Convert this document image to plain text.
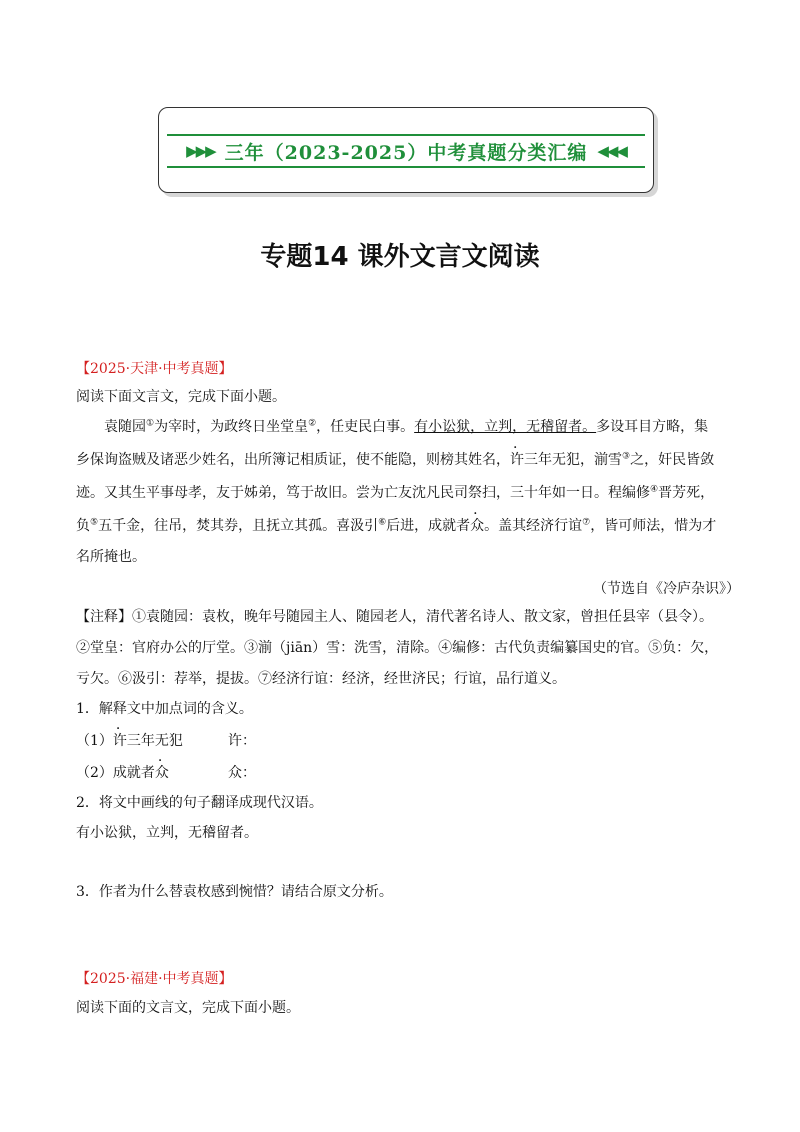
▶▶▶ 三年（2023-2025）中考真题分类汇编 ◀◀◀
专题14 课外文言文阅读
【2025·天津·中考真题】
阅读下面文言文，完成下面小题。
袁随园①为宰时，为政终日坐堂皇②，任吏民白事。有小讼狱，立判，无稽留者。多设耳目方略，集
乡保询盗贼及诸恶少姓名，出所簿记相质证，使不能隐，则榜其姓名，许三年无犯，湔雪③之，奸民皆敛
迹。又其生平事母孝，友于姊弟，笃于故旧。尝为亡友沈凡民司祭扫，三十年如一日。程编修④晋芳死，
负⑤五千金，往吊，焚其券，且抚立其孤。喜汲引⑥后进，成就者众。盖其经济行谊⑦，皆可师法，惜为才
名所掩也。
（节选自《冷庐杂识》）
【注释】①袁随园：袁枚，晚年号随园主人、随园老人，清代著名诗人、散文家，曾担任县宰（县令）。
②堂皇：官府办公的厅堂。③湔（jiān）雪：洗雪，清除。④编修：古代负责编纂国史的官。⑤负：欠，
亏欠。⑥汲引：荐举，提拔。⑦经济行谊：经济，经世济民；行谊，品行道义。
1．解释文中加点词的含义。
（1）许三年无犯	许：
（2）成就者众	众：
2．将文中画线的句子翻译成现代汉语。
有小讼狱，立判，无稽留者。
3．作者为什么替袁枚感到惋惜？请结合原文分析。
【2025·福建·中考真题】
阅读下面的文言文，完成下面小题。
